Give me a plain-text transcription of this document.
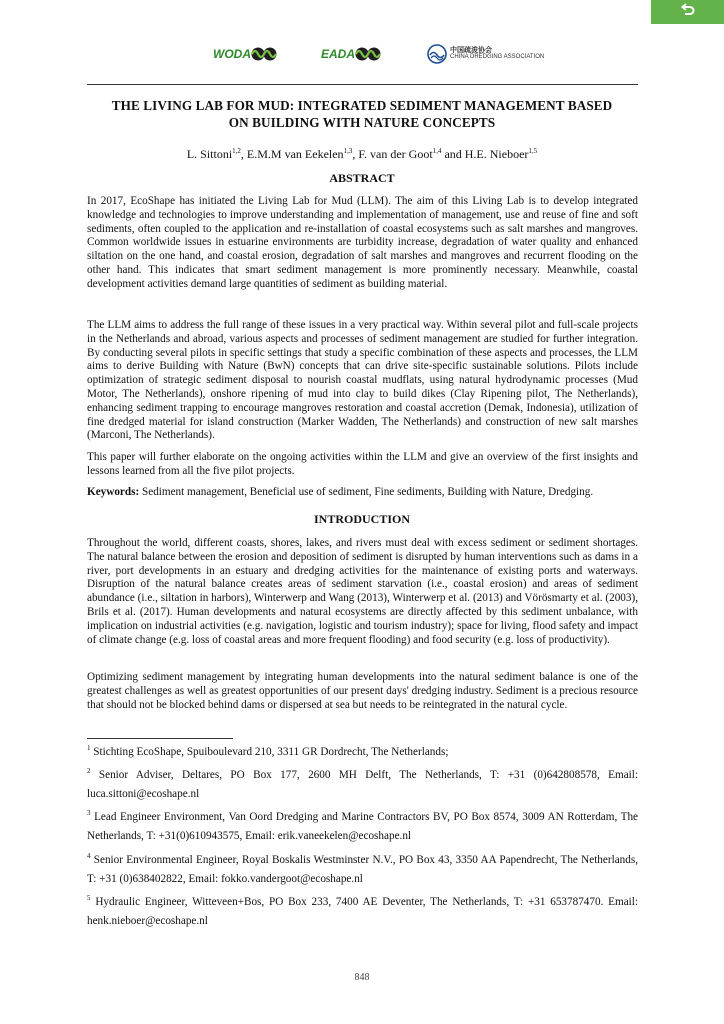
WODA	EADA	中国疏浚协会
CHINA DREDGING ASSOCIATION
THE LIVING LAB FOR MUD: INTEGRATED SEDIMENT MANAGEMENT BASED
ON BUILDING WITH NATURE CONCEPTS
L. Sittoni$^{1,2}$, E.M.M van Eekelen$^{1,3}$, F. van der Goot$^{1,4}$ and H.E. Nieboer$^{1,5}$
ABSTRACT

In 2017, EcoShape has initiated the Living Lab for Mud (LLM). The aim of this Living Lab is to develop integrated knowledge and technologies to improve understanding and implementation of management, use and reuse of fine and soft sediments, often coupled to the application and re-installation of coastal ecosystems such as salt marshes and mangroves. Common worldwide issues in estuarine environments are turbidity increase, degradation of water quality and enhanced siltation on the one hand, and coastal erosion, degradation of salt marshes and mangroves and recurrent flooding on the other hand. This indicates that smart sediment management is more prominently necessary. Meanwhile, coastal development activities demand large quantities of sediment as building material.

The LLM aims to address the full range of these issues in a very practical way. Within several pilot and full-scale projects in the Netherlands and abroad, various aspects and processes of sediment management are studied for further integration. By conducting several pilots in specific settings that study a specific combination of these aspects and processes, the LLM aims to derive Building with Nature (BwN) concepts that can drive site-specific sustainable solutions. Pilots include optimization of strategic sediment disposal to nourish coastal mudflats, using natural hydrodynamic processes (Mud Motor, The Netherlands), onshore ripening of mud into clay to build dikes (Clay Ripening pilot, The Netherlands), enhancing sediment trapping to encourage mangroves restoration and coastal accretion (Demak, Indonesia), utilization of fine dredged material for island construction (Marker Wadden, The Netherlands) and construction of new salt marshes (Marconi, The Netherlands).

This paper will further elaborate on the ongoing activities within the LLM and give an overview of the first insights and lessons learned from all the five pilot projects.

Keywords: Sediment management, Beneficial use of sediment, Fine sediments, Building with Nature, Dredging.

INTRODUCTION

Throughout the world, different coasts, shores, lakes, and rivers must deal with excess sediment or sediment shortages. The natural balance between the erosion and deposition of sediment is disrupted by human interventions such as dams in a river, port developments in an estuary and dredging activities for the maintenance of existing ports and waterways. Disruption of the natural balance creates areas of sediment starvation (i.e., coastal erosion) and areas of sediment abundance (i.e., siltation in harbors), Winterwerp and Wang (2013), Winterwerp et al. (2013) and Vörösmarty et al. (2003), Brils et al. (2017). Human developments and natural ecosystems are directly affected by this sediment unbalance, with implication on industrial activities (e.g. navigation, logistic and tourism industry); space for living, flood safety and impact of climate change (e.g. loss of coastal areas and more frequent flooding) and food security (e.g. loss of productivity).

Optimizing sediment management by integrating human developments into the natural sediment balance is one of the greatest challenges as well as greatest opportunities of our present days' dredging industry. Sediment is a precious resource that should not be blocked behind dams or dispersed at sea but needs to be reintegrated in the natural cycle.

$^1$ Stichting EcoShape, Spuiboulevard 210, 3311 GR Dordrecht, The Netherlands;

$^2$ Senior Adviser, Deltares, PO Box 177, 2600 MH Delft, The Netherlands, T: +31 (0)642808578, Email: luca.sittoni@ecoshape.nl

$^3$ Lead Engineer Environment, Van Oord Dredging and Marine Contractors BV, PO Box 8574, 3009 AN Rotterdam, The Netherlands, T: +31(0)610943575, Email: erik.vaneekelen@ecoshape.nl

$^4$ Senior Environmental Engineer, Royal Boskalis Westminster N.V., PO Box 43, 3350 AA Papendrecht, The Netherlands, T: +31 (0)638402822, Email: fokko.vandergoot@ecoshape.nl

$^5$ Hydraulic Engineer, Witteveen+Bos, PO Box 233, 7400 AE Deventer, The Netherlands, T: +31 653787470. Email: henk.nieboer@ecoshape.nl

848
